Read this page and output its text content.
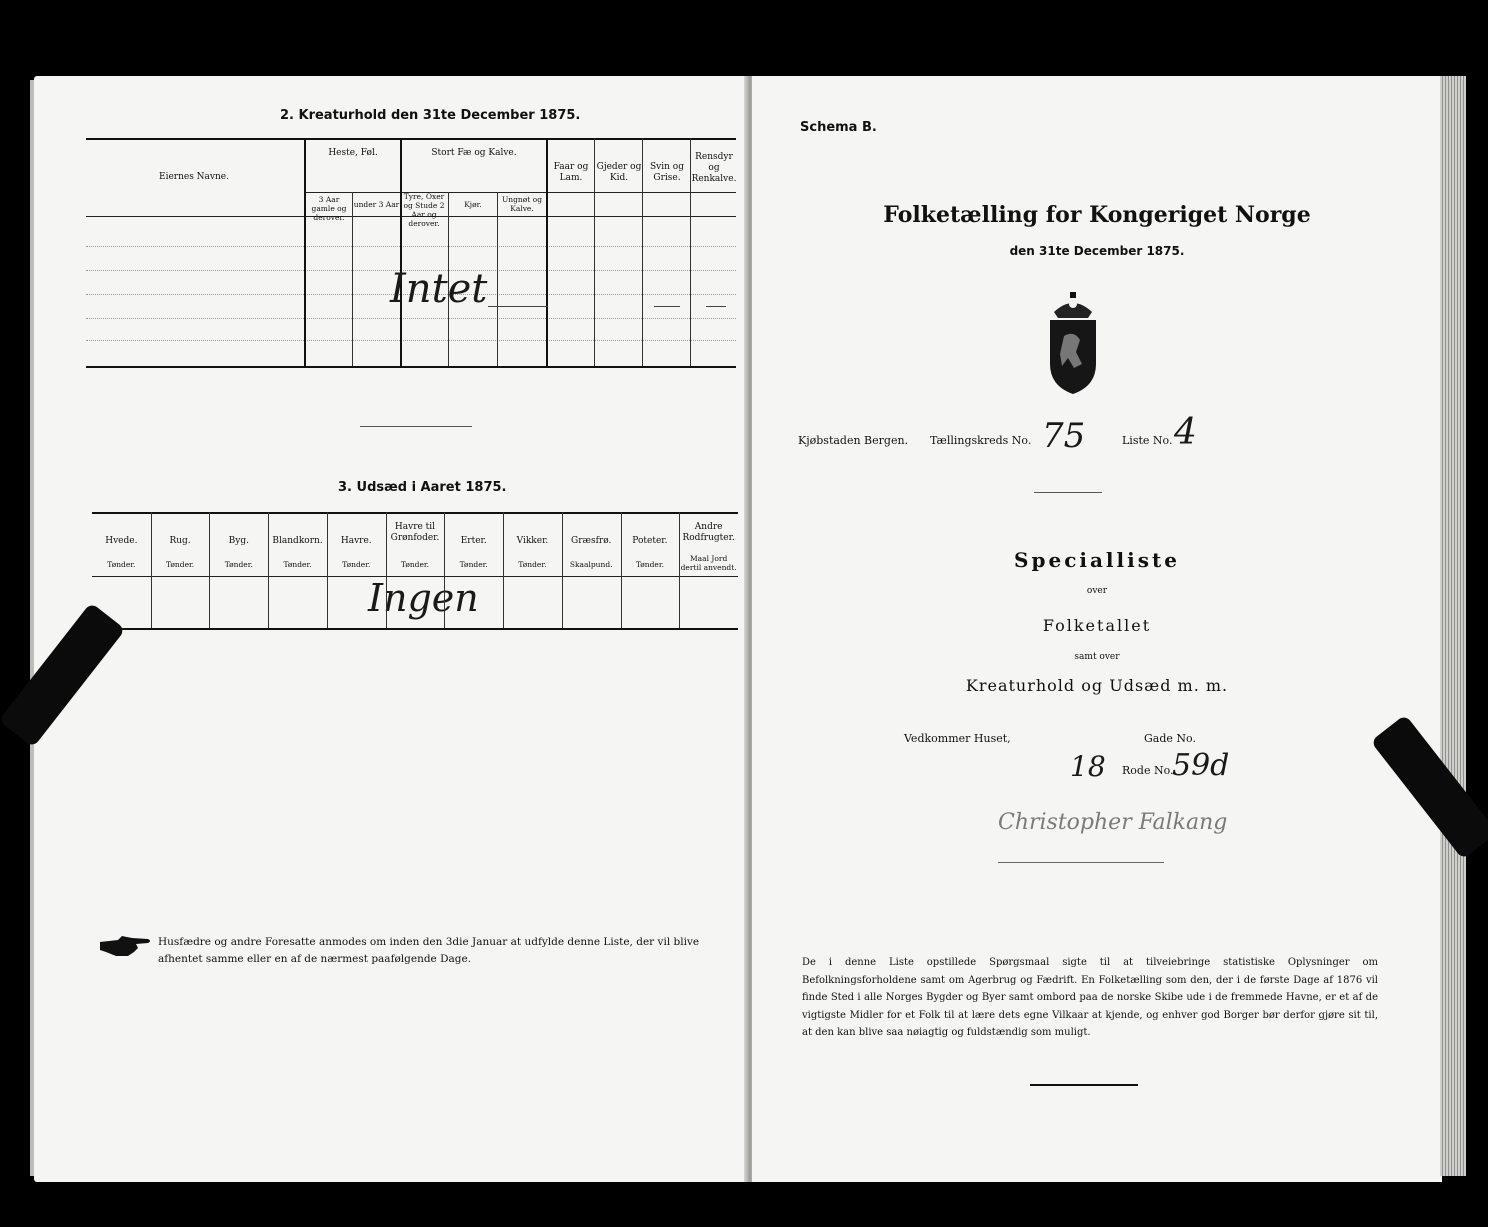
2. Kreaturhold den 31te December 1875.
Eiernes Navne.
Heste, Føl.
3 Aar gamle og derover.
under 3 Aar
Stort Fæ og Kalve.
Tyre, Oxer og Stude 2 Aar og derover.
Kjør.
Ungnøt og Kalve.
Faar og Lam.
Gjeder og Kid.
Svin og Grise.
Rensdyr og Renkalve.
Intet
3. Udsæd i Aaret 1875.
Ingen
Husfædre og andre Foresatte anmodes om inden den 3die Januar at udfylde denne Liste, der vil blive afhentet samme eller en af de nærmest paafølgende Dage.
Hvede.
Tønder.
Rug.
Tønder.
Byg.
Tønder.
Blandkorn.
Tønder.
Havre.
Tønder.
Havre til Grønfoder.
Tønder.
Erter.
Tønder.
Vikker.
Tønder.
Græsfrø.
Skaalpund.
Poteter.
Tønder.
Andre Rodfrugter.
Maal Jord dertil anvendt.
Schema B.
Folketælling for Kongeriget Norge
den 31te December 1875.
Kjøbstaden Bergen. Tællingskreds No. 75	Liste No. 4
Specialliste
over
Folketallet
samt over
Kreaturhold og Udsæd m. m.
Vedkommer Huset,	Gade No.
18 Rode No.
59d
Christopher Falkang
De i denne Liste opstillede Spørgsmaal sigte til at tilveiebringe statistiske Oplysninger om Befolkningsforholdene samt om Agerbrug og Fædrift. En Folketælling som den, der i de første Dage af 1876 vil finde Sted i alle Norges Bygder og Byer samt ombord paa de norske Skibe ude i de fremmede Havne, er et af de vigtigste Midler for et Folk til at lære dets egne Vilkaar at kjende, og enhver god Borger bør derfor gjøre sit til, at den kan blive saa nøiagtig og fuldstændig som muligt.
